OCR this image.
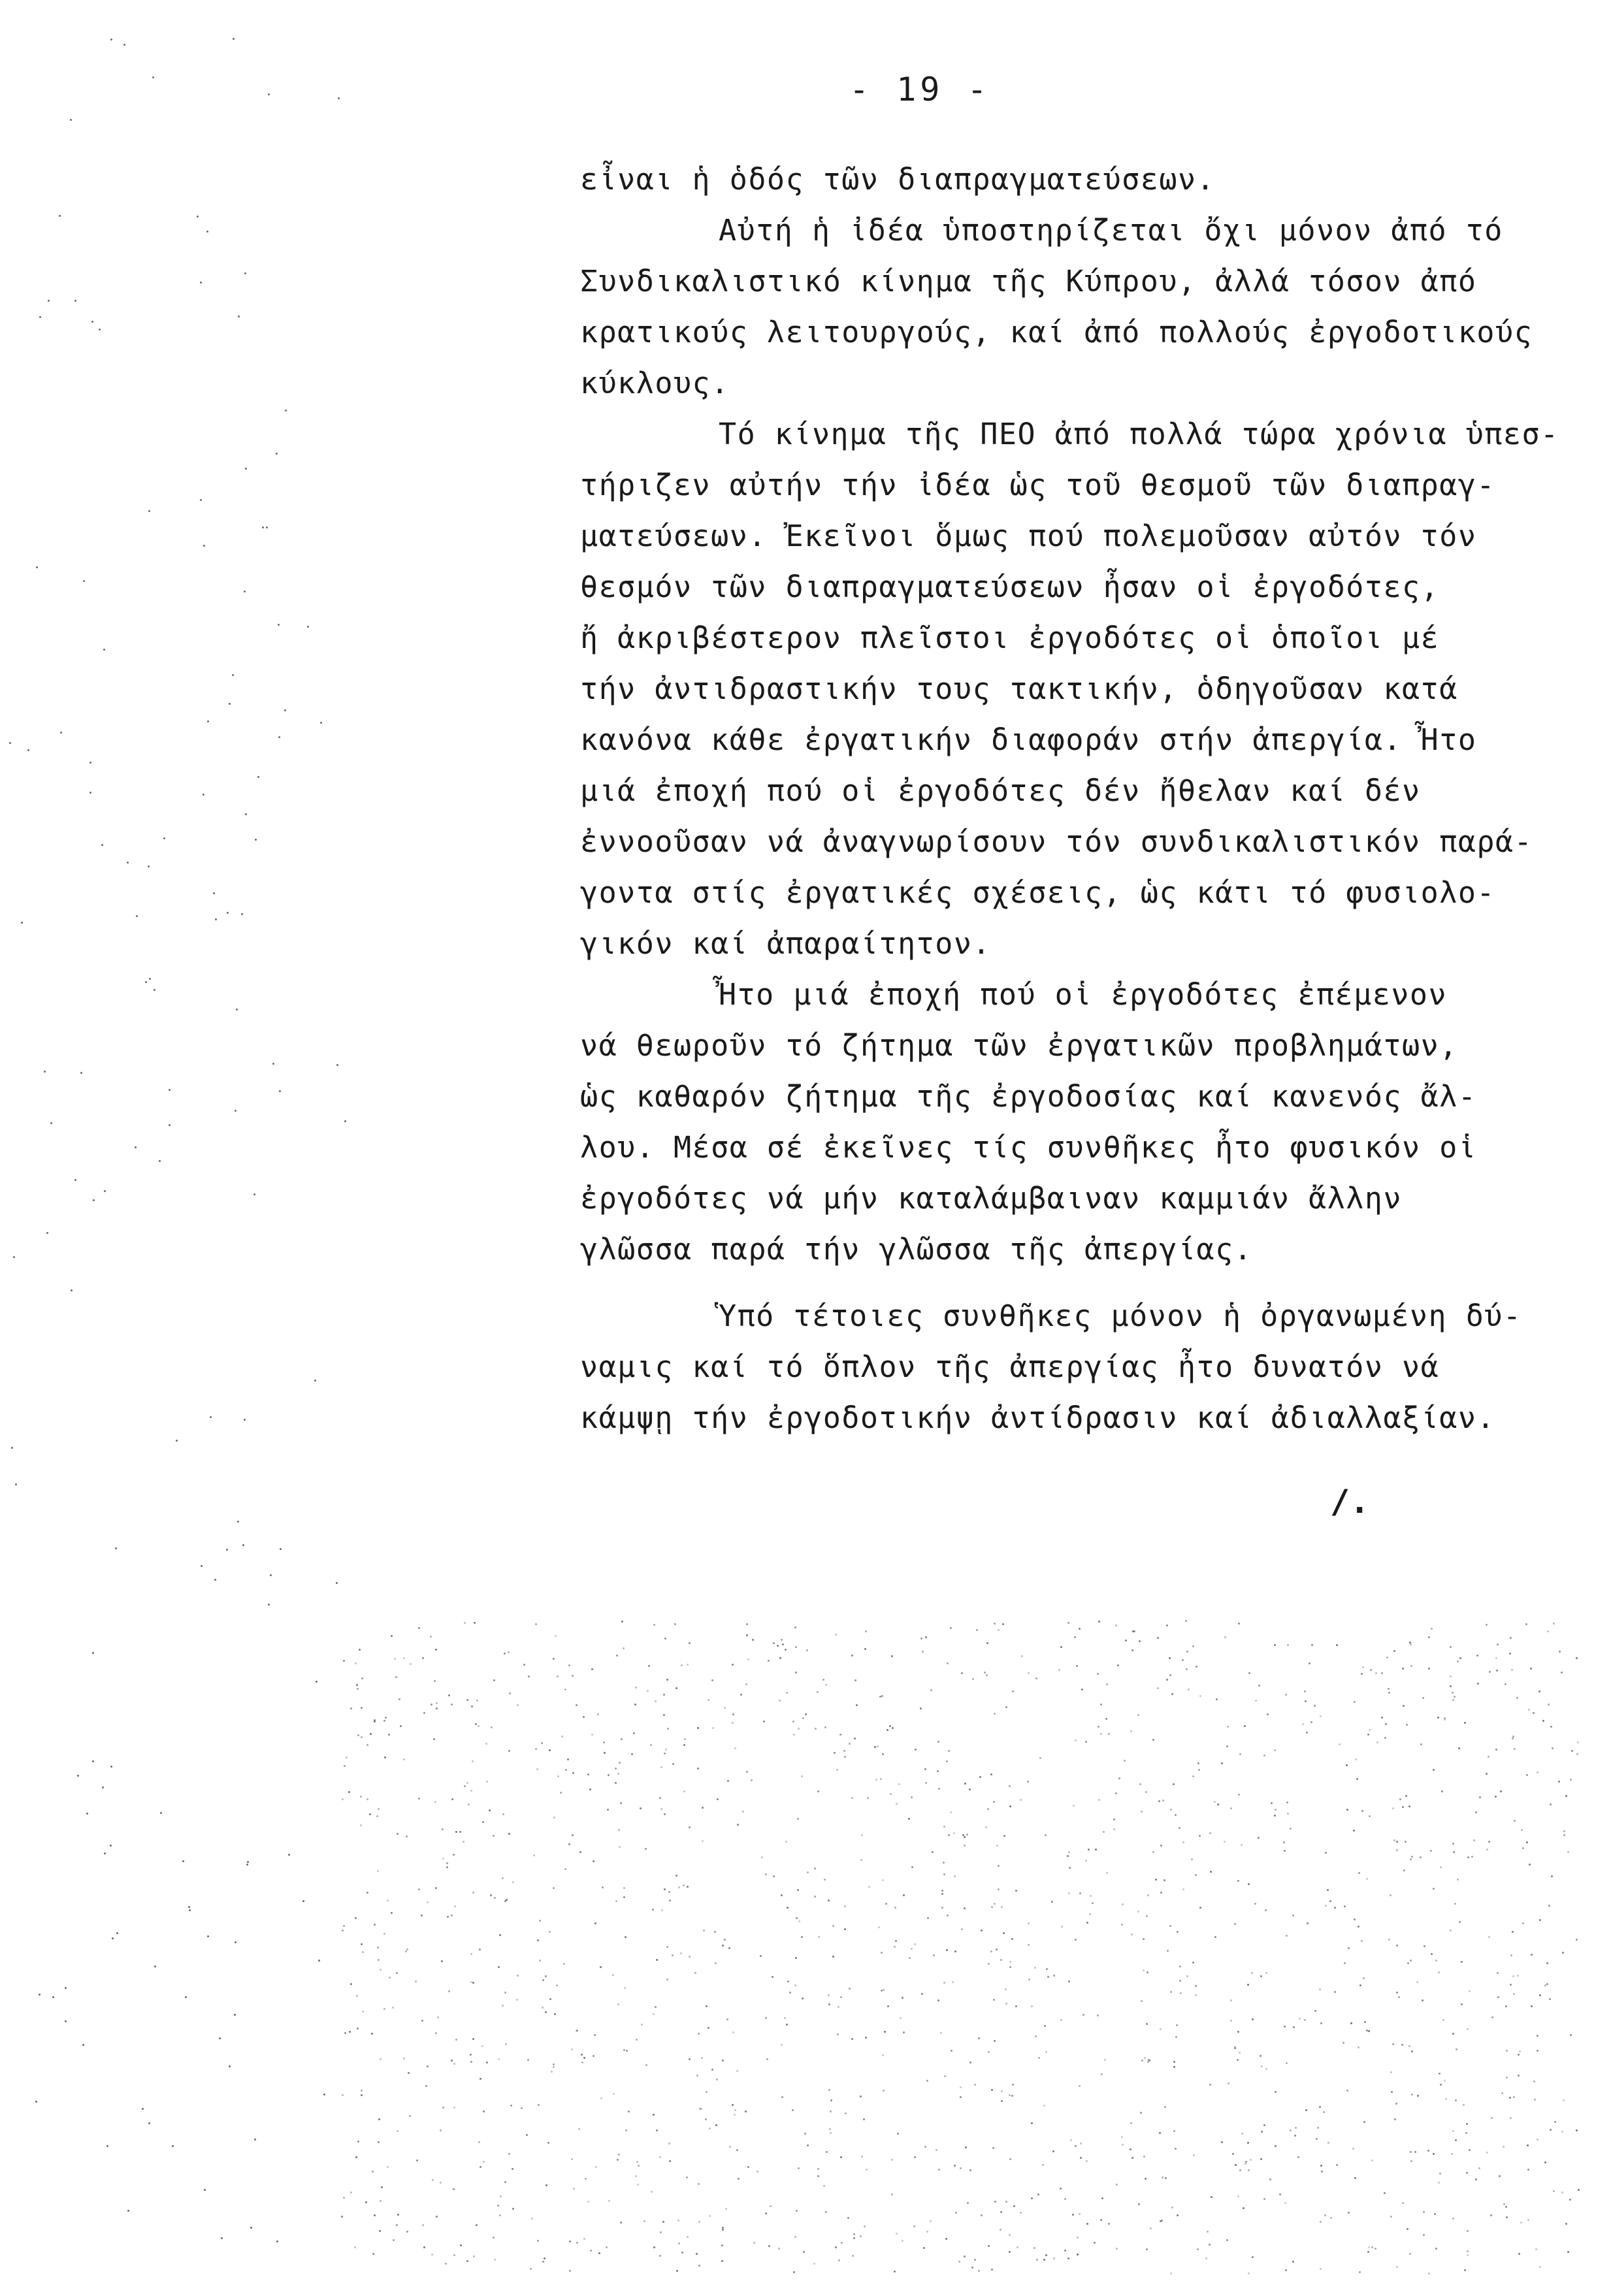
- 19 -
εἶναι ἡ ὁδός τῶν διαπραγματεύσεων.
Αὐτή ἡ ἰδέα ὑποστηρίζεται ὄχι μόνον ἀπό τό
Συνδικαλιστικό κίνημα τῆς Κύπρου, ἀλλά τόσον ἀπό
κρατικούς λειτουργούς, καί ἀπό πολλούς ἐργοδοτικούς
κύκλους.
Τό κίνημα τῆς ΠΕΟ ἀπό πολλά τώρα χρόνια ὑπεσ-
τήριζεν αὐτήν τήν ἰδέα ὡς τοῦ θεσμοῦ τῶν διαπραγ-
ματεύσεων. Ἐκεῖνοι ὅμως πού πολεμοῦσαν αὐτόν τόν
θεσμόν τῶν διαπραγματεύσεων ἦσαν οἱ ἐργοδότες,
ἤ ἀκριβέστερον πλεῖστοι ἐργοδότες οἱ ὁποῖοι μέ
τήν ἀντιδραστικήν τους τακτικήν, ὁδηγοῦσαν κατά
κανόνα κάθε ἐργατικήν διαφοράν στήν ἀπεργία. Ἦτο
μιά ἐποχή πού οἱ ἐργοδότες δέν ἤθελαν καί δέν
ἐννοοῦσαν νά ἀναγνωρίσουν τόν συνδικαλιστικόν παρά-
γοντα στίς ἐργατικές σχέσεις, ὡς κάτι τό φυσιολο-
γικόν καί ἀπαραίτητον.
Ἦτο μιά ἐποχή πού οἱ ἐργοδότες ἐπέμενον
νά θεωροῦν τό ζήτημα τῶν ἐργατικῶν προβλημάτων,
ὡς καθαρόν ζήτημα τῆς ἐργοδοσίας καί κανενός ἄλ-
λου. Μέσα σέ ἐκεῖνες τίς συνθῆκες ἦτο φυσικόν οἱ
ἐργοδότες νά μήν καταλάμβαιναν καμμιάν ἄλλην
γλῶσσα παρά τήν γλῶσσα τῆς ἀπεργίας.
Ὑπό τέτοιες συνθῆκες μόνον ἡ ὀργανωμένη δύ-
ναμις καί τό ὅπλον τῆς ἀπεργίας ἦτο δυνατόν νά
κάμψῃ τήν ἐργοδοτικήν ἀντίδρασιν καί ἀδιαλλαξίαν.
/.
